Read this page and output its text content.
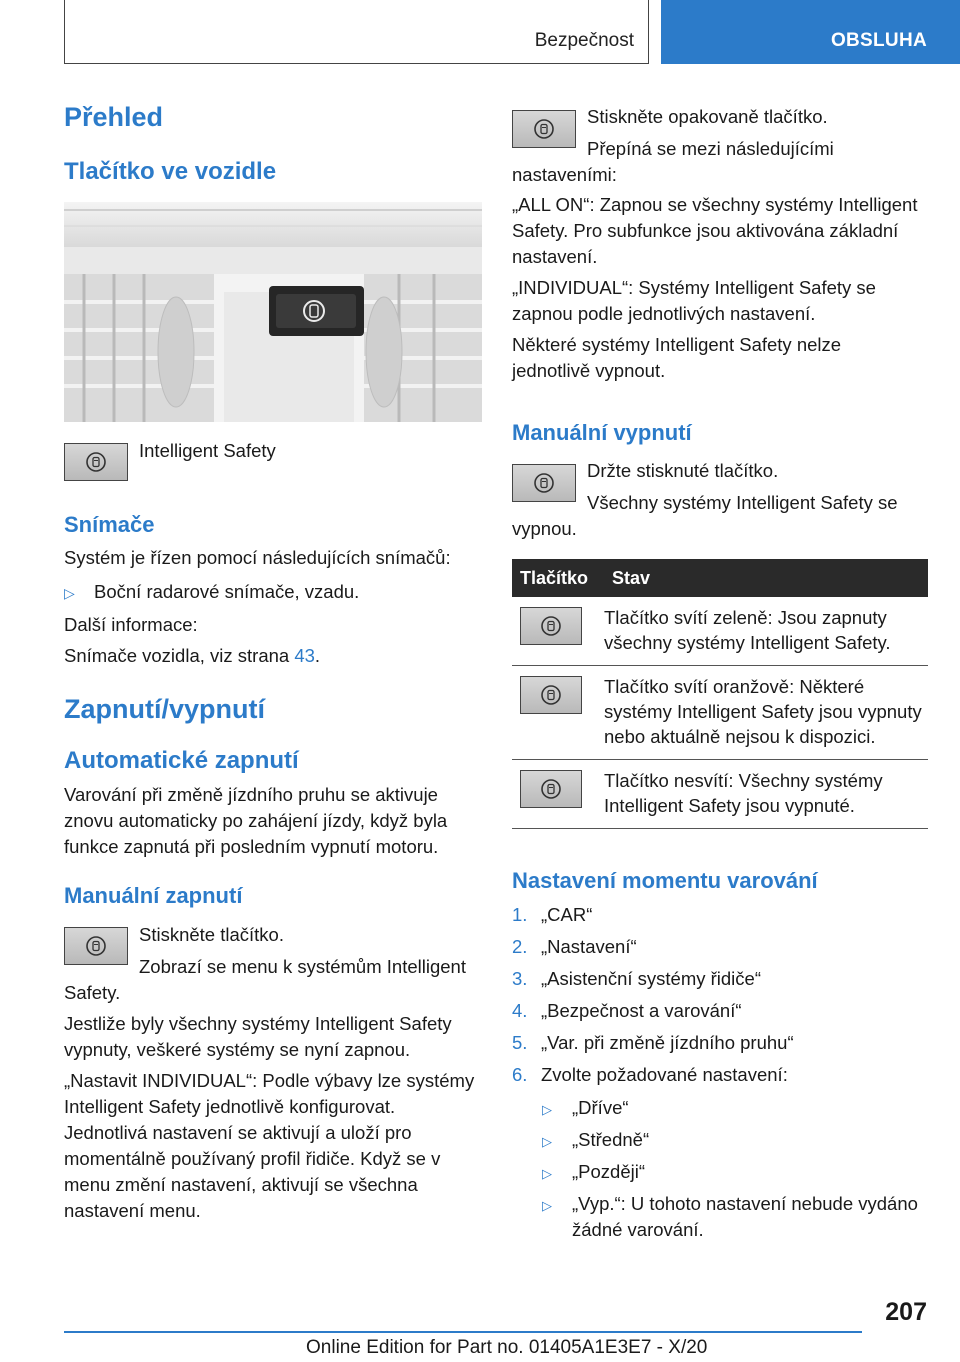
Bezpečnost	OBSLUHA
Přehled
Tlačítko ve vozidle
Intelligent Safety
Snímače
Systém je řízen pomocí následujících snímačů:
▷ Boční radarové snímače, vzadu.
Další informace:
Snímače vozidla, viz strana 43.
Zapnutí/vypnutí
Automatické zapnutí
Varování při změně jízdního pruhu se aktivuje znovu automaticky po zahájení jízdy, když byla funkce zapnutá při posledním vypnutí motoru.
Manuální zapnutí
Stiskněte tlačítko.
Zobrazí se menu k systémům Intelligent Safety.
Jestliže byly všechny systémy Intelligent Safety vypnuty, veškeré systémy se nyní zapnou.
„Nastavit INDIVIDUAL“: Podle výbavy lze systémy Intelligent Safety jednotlivě konfigurovat. Jednotlivá nastavení se aktivují a uloží pro momentálně používaný profil řidiče. Když se v menu změní nastavení, aktivují se všechna nastavení menu.
Stiskněte opakovaně tlačítko.
Přepíná se mezi následujícími nastaveními:
„ALL ON“: Zapnou se všechny systémy Intelligent Safety. Pro subfunkce jsou aktivována základní nastavení.
„INDIVIDUAL“: Systémy Intelligent Safety se zapnou podle jednotlivých nastavení.
Některé systémy Intelligent Safety nelze jednotlivě vypnout.
Manuální vypnutí
Držte stisknuté tlačítko.
Všechny systémy Intelligent Safety se vypnou.
Tlačítko	Stav

	Tlačítko svítí zeleně: Jsou zapnuty všechny systémy Intelligent Safety.

	Tlačítko svítí oranžově: Některé systémy Intelligent Safety jsou vypnuty nebo aktuálně nejsou k dispozici.

	Tlačítko nesvítí: Všechny systémy Intelligent Safety jsou vypnuté.
Nastavení momentu varování
1. „CAR“
2. „Nastavení“
3. „Asistenční systémy řidiče“
4. „Bezpečnost a varování“
5. „Var. při změně jízdního pruhu“
6. Zvolte požadované nastavení:
▷ „Dříve“
▷ „Středně“
▷ „Později“
▷ „Vyp.“: U tohoto nastavení nebude vydáno žádné varování.
207
Online Edition for Part no. 01405A1E3E7 - X/20
